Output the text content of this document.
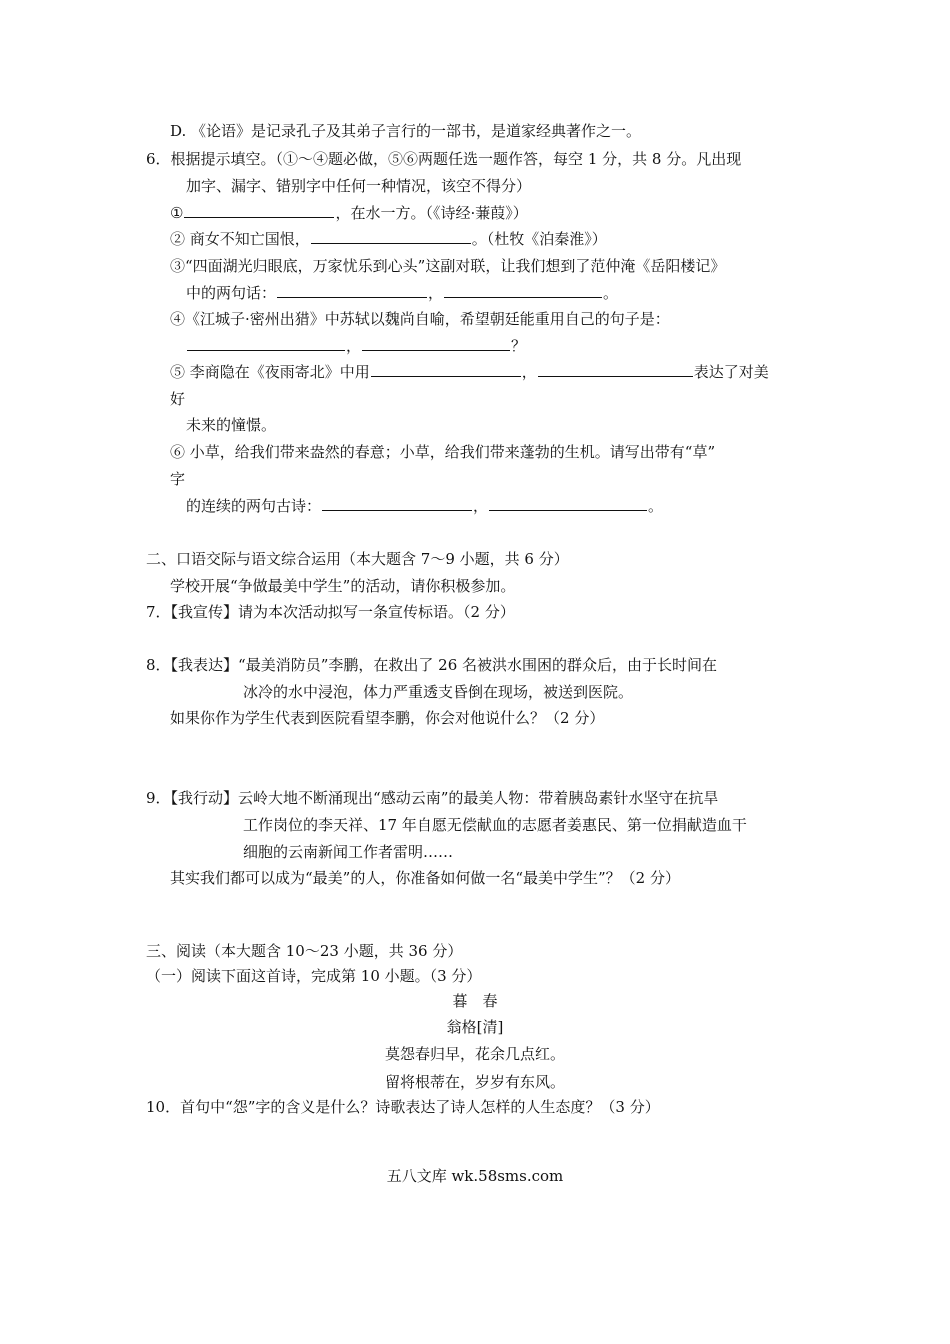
D. 《论语》是记录孔子及其弟子言行的一部书，是道家经典著作之一。
6．根据提示填空。（①～④题必做，⑤⑥两题任选一题作答，每空 1 分，共 8 分。凡出现
加字、漏字、错别字中任何一种情况，该空不得分）
①	，在水一方。（《诗经·蒹葭》）
② 商女不知亡国恨，	。（杜牧《泊秦淮》）
③“四面湖光归眼底，万家忧乐到心头”这副对联，让我们想到了范仲淹《岳阳楼记》
中的两句话：	，	。
④《江城子·密州出猎》中苏轼以魏尚自喻，希望朝廷能重用自己的句子是：
，	？
⑤ 李商隐在《夜雨寄北》中用	，	表达了对美
好
未来的憧憬。
⑥ 小草，给我们带来盎然的春意；小草，给我们带来蓬勃的生机。请写出带有“草”
字
的连续的两句古诗：	，	。
二、口语交际与语文综合运用（本大题含 7～9 小题，共 6 分）
学校开展“争做最美中学生”的活动，请你积极参加。
7．【我宣传】请为本次活动拟写一条宣传标语。（2 分）
8．【我表达】“最美消防员”李鹏，在救出了 26 名被洪水围困的群众后，由于长时间在
冰冷的水中浸泡，体力严重透支昏倒在现场，被送到医院。
如果你作为学生代表到医院看望李鹏，你会对他说什么？（2 分）
9．【我行动】云岭大地不断涌现出“感动云南”的最美人物：带着胰岛素针水坚守在抗旱
工作岗位的李天祥、17 年自愿无偿献血的志愿者姜惠民、第一位捐献造血干
细胞的云南新闻工作者雷明……
其实我们都可以成为“最美”的人，你准备如何做一名“最美中学生”？（2 分）
三、阅读（本大题含 10～23 小题，共 36 分）
（一）阅读下面这首诗，完成第 10 小题。（3 分）
暮　春
翁格[清]
莫怨春归早，花余几点红。
留将根蒂在，岁岁有东风。
10．首句中“怨”字的含义是什么？诗歌表达了诗人怎样的人生态度？（3 分）
五八文库 wk.58sms.com
